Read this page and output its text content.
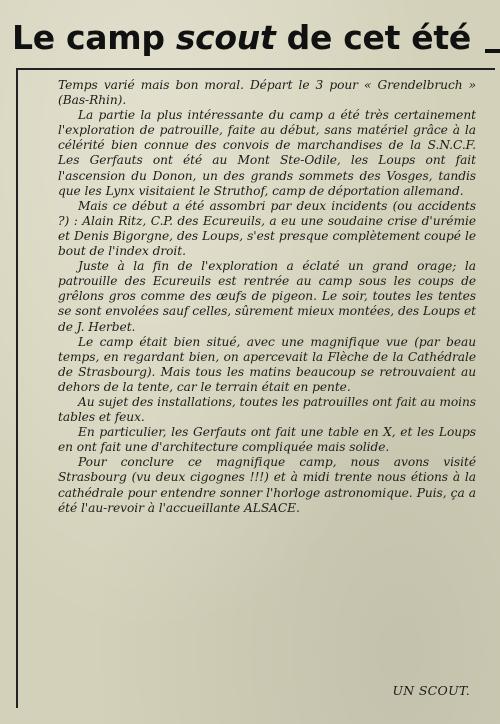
Le camp scout de cet été

Temps varié mais bon moral. Départ le 3 pour « Grendelbruch » (Bas-Rhin).

La partie la plus intéressante du camp a été très certainement l'exploration de patrouille, faite au début, sans matériel grâce à la célérité bien connue des convois de marchandises de la S.N.C.F. Les Gerfauts ont été au Mont Ste-Odile, les Loups ont fait l'ascension du Donon, un des grands sommets des Vosges, tandis que les Lynx visitaient le Struthof, camp de déportation allemand.

Mais ce début a été assombri par deux incidents (ou accidents ?) : Alain Ritz, C.P. des Ecureuils, a eu une soudaine crise d'urémie et Denis Bigorgne, des Loups, s'est presque complètement coupé le bout de l'index droit.

Juste à la fin de l'exploration a éclaté un grand orage; la patrouille des Ecureuils est rentrée au camp sous les coups de grêlons gros comme des œufs de pigeon. Le soir, toutes les tentes se sont envolées sauf celles, sûrement mieux montées, des Loups et de J. Herbet.

Le camp était bien situé, avec une magnifique vue (par beau temps, en regardant bien, on apercevait la Flèche de la Cathédrale de Strasbourg). Mais tous les matins beaucoup se retrouvaient au dehors de la tente, car le terrain était en pente.

Au sujet des installations, toutes les patrouilles ont fait au moins tables et feux.

En particulier, les Gerfauts ont fait une table en X, et les Loups en ont fait une d'architecture compliquée mais solide.

Pour conclure ce magnifique camp, nous avons visité Strasbourg (vu deux cigognes !!!) et à midi trente nous étions à la cathédrale pour entendre sonner l'horloge astronomique. Puis, ça a été l'au-revoir à l'accueillante ALSACE.

UN SCOUT.
